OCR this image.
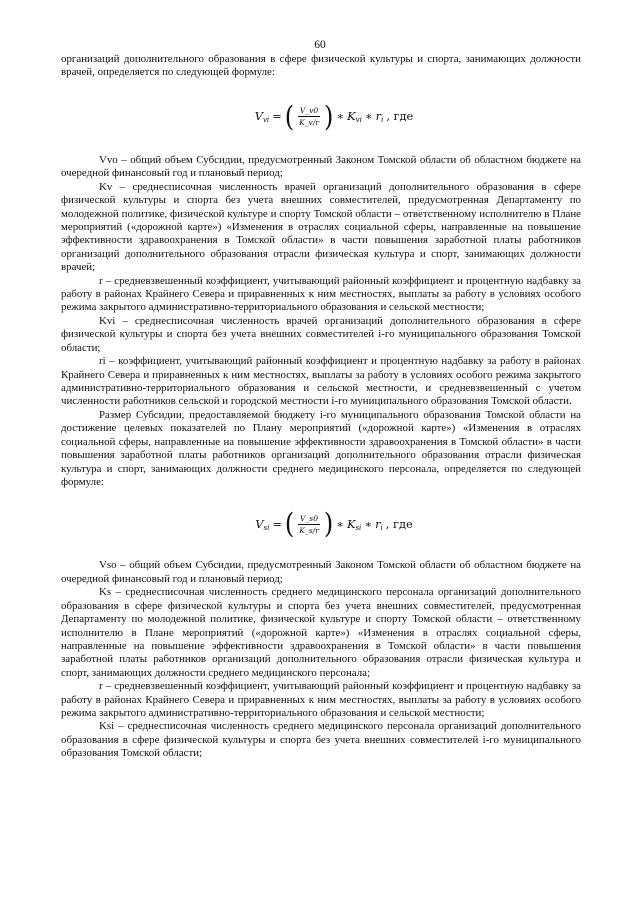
60

организаций дополнительного образования в сфере физической культуры и спорта, занимающих должности врачей, определяется по следующей формуле:

$V_{vi}$ = ( $\frac{V\_v0}{K\_v/r}$ ) ∗ $K_{vi}$ ∗ $r_i$ , где

Vvo – общий объем Субсидии, предусмотренный Законом Томской области об областном бюджете на очередной финансовый год и плановый период;

Kv – среднесписочная численность врачей организаций дополнительного образования в сфере физической культуры и спорта без учета внешних совместителей, предусмотренная Департаменту по молодежной политике, физической культуре и спорту Томской области – ответственному исполнителю в Плане мероприятий («дорожной карте») «Изменения в отраслях социальной сферы, направленные на повышение эффективности здравоохранения в Томской области» в части повышения заработной платы работников организаций дополнительного образования отрасли физическая культура и спорт, занимающих должности врачей;

r – средневзвешенный коэффициент, учитывающий районный коэффициент и процентную надбавку за работу в районах Крайнего Севера и приравненных к ним местностях, выплаты за работу в условиях особого режима закрытого административно-территориального образования и сельской местности;

Kvi – среднесписочная численность врачей организаций дополнительного образования в сфере физической культуры и спорта без учета внешних совместителей i-го муниципального образования Томской области;

ri – коэффициент, учитывающий районный коэффициент и процентную надбавку за работу в районах Крайнего Севера и приравненных к ним местностях, выплаты за работу в условиях особого режима закрытого административно-территориального образования и сельской местности, и средневзвешенный с учетом численности работников сельской и городской местности i-го муниципального образования Томской области.

Размер Субсидии, предоставляемой бюджету i-го муниципального образования Томской области на достижение целевых показателей по Плану мероприятий («дорожной карте») «Изменения в отраслях социальной сферы, направленные на повышение эффективности здравоохранения в Томской области» в части повышения заработной платы работников организаций дополнительного образования отрасли физическая культура и спорт, занимающих должности среднего медицинского персонала, определяется по следующей формуле:

$V_{si}$ = ( $\frac{V\_s0}{K\_s/r}$ ) ∗ $K_{si}$ ∗ $r_i$ , где

Vso – общий объем Субсидии, предусмотренный Законом Томской области об областном бюджете на очередной финансовый год и плановый период;

Ks – среднесписочная численность среднего медицинского персонала организаций дополнительного образования в сфере физической культуры и спорта без учета внешних совместителей, предусмотренная Департаменту по молодежной политике, физической культуре и спорту Томской области – ответственному исполнителю в Плане мероприятий («дорожной карте») «Изменения в отраслях социальной сферы, направленные на повышение эффективности здравоохранения в Томской области» в части повышения заработной платы работников организаций дополнительного образования отрасли физическая культура и спорт, занимающих должности среднего медицинского персонала;

r – средневзвешенный коэффициент, учитывающий районный коэффициент и процентную надбавку за работу в районах Крайнего Севера и приравненных к ним местностях, выплаты за работу в условиях особого режима закрытого административно-территориального образования и сельской местности;

Ksi – среднесписочная численность среднего медицинского персонала организаций дополнительного образования в сфере физической культуры и спорта без учета внешних совместителей i-го муниципального образования Томской области;
